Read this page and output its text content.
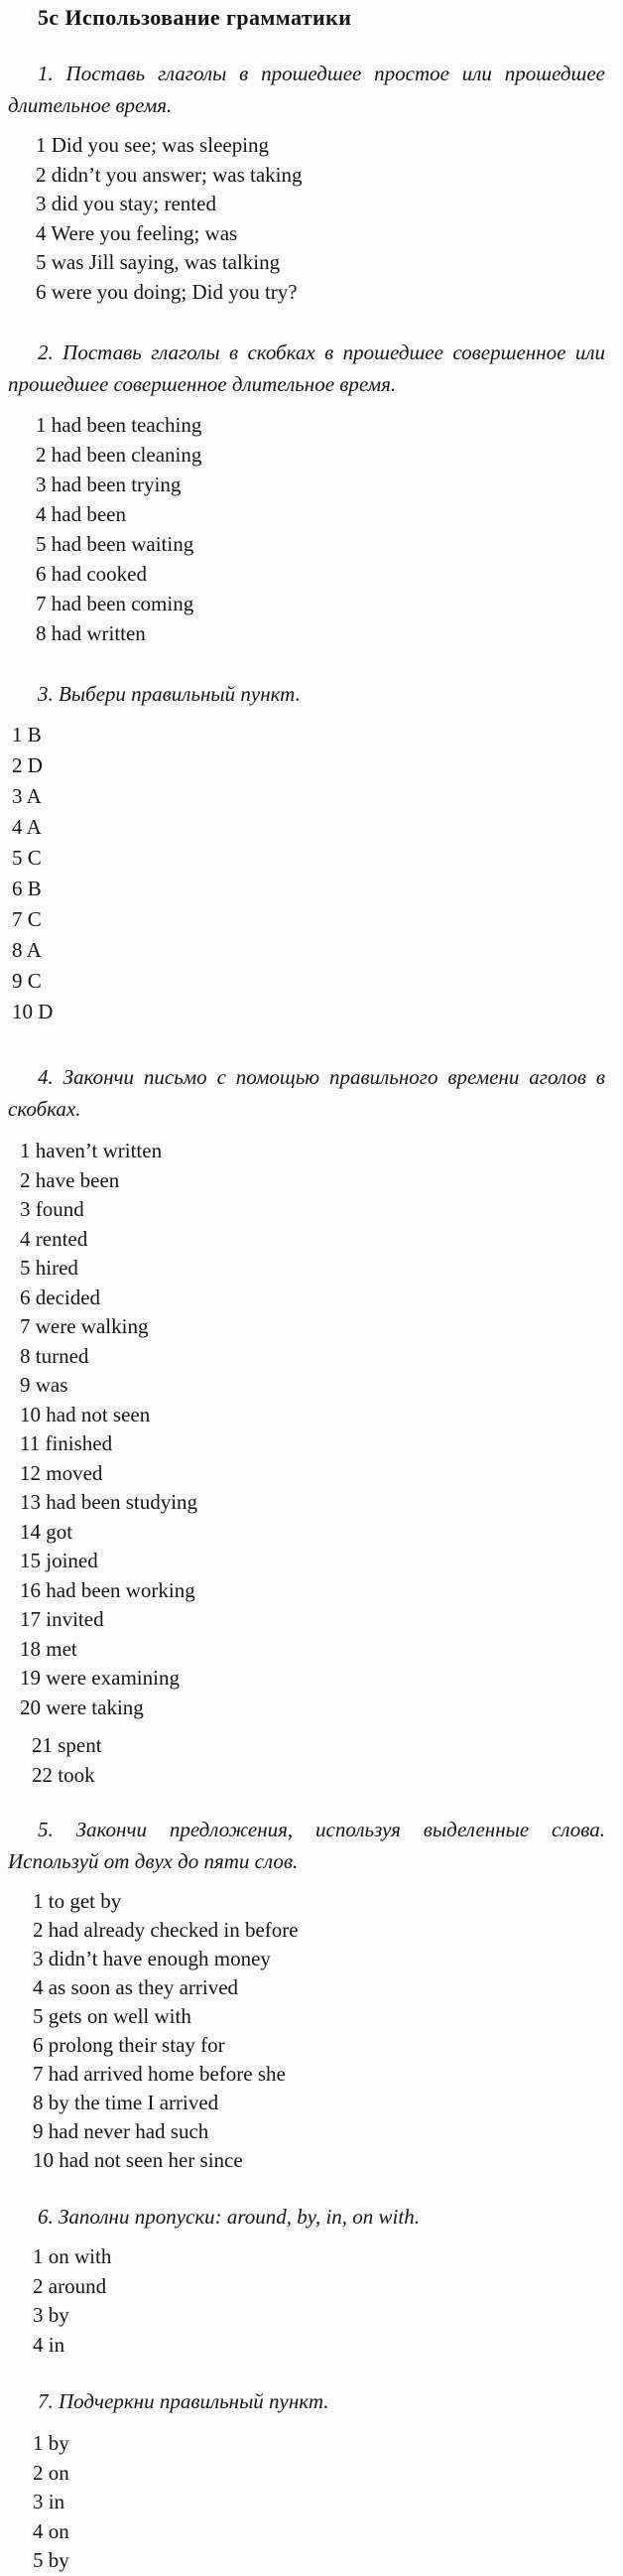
5c Использование грамматики

1. Поставь глаголы в прошедшее простое или прошедшее длительное время.

1 Did you see; was sleeping
2 didn’t you answer; was taking
3 did you stay; rented
4 Were you feeling; was
5 was Jill saying, was talking
6 were you doing; Did you try?

2. Поставь глаголы в скобках в прошедшее совершенное или прошедшее совершенное длительное время.

1 had been teaching
2 had been cleaning
3 had been trying
4 had been
5 had been waiting
6 had cooked
7 had been coming
8 had written

3. Выбери правильный пункт.

1 B
2 D
3 A
4 A
5 C
6 B
7 C
8 A
9 C
10 D

4. Закончи письмо с помощью правильного времени аголов в скобках.

1 haven’t written
2 have been
3 found
4 rented
5 hired
6 decided
7 were walking
8 turned
9 was
10 had not seen
11 finished
12 moved
13 had been studying
14 got
15 joined
16 had been working
17 invited
18 met
19 were examining
20 were taking
21 spent
22 took

5. Закончи предложения, используя выделенные слова. Используй от двух до пяти слов.

1 to get by
2 had already checked in before
3 didn’t have enough money
4 as soon as they arrived
5 gets on well with
6 prolong their stay for
7 had arrived home before she
8 by the time I arrived
9 had never had such
10 had not seen her since

6. Заполни пропуски: around, by, in, on with.

1 on with
2 around
3 by
4 in

7. Подчеркни правильный пункт.

1 by
2 on
3 in
4 on
5 by
